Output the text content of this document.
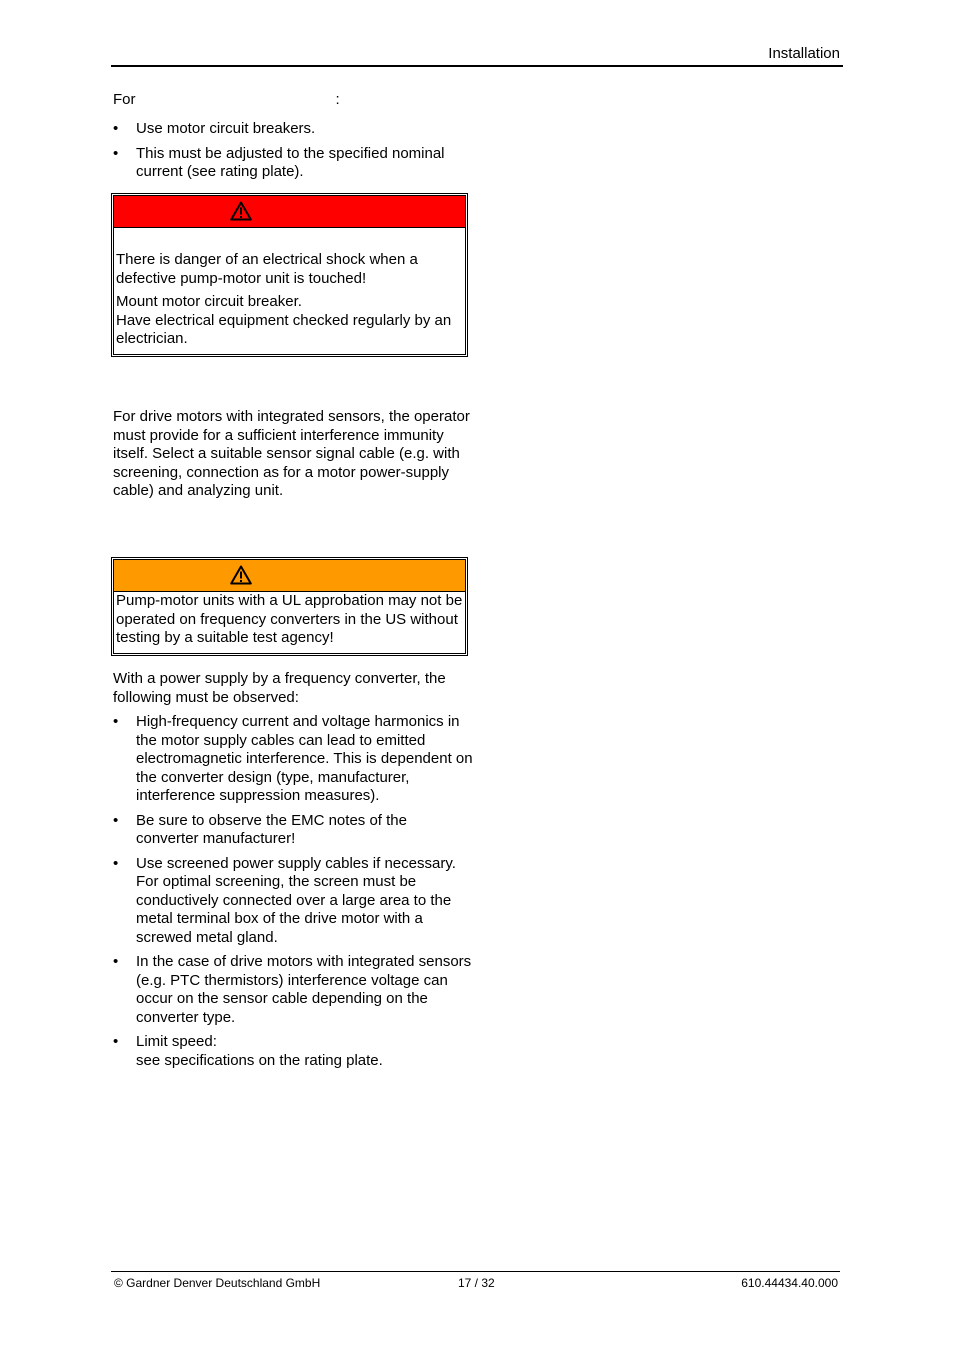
Installation
For	:
• Use motor circuit breakers.
• This must be adjusted to the specified nominal current (see rating plate).

There is danger of an electrical shock when a defective pump-motor unit is touched!

Mount motor circuit breaker.
Have electrical equipment checked regularly by an electrician.

For drive motors with integrated sensors, the operator must provide for a sufficient interference immunity itself. Select a suitable sensor signal cable (e.g. with screening, connection as for a motor power-supply cable) and analyzing unit.

Pump-motor units with a UL approbation may not be operated on frequency converters in the US without testing by a suitable test agency!

With a power supply by a frequency converter, the following must be observed:
• High-frequency current and voltage harmonics in the motor supply cables can lead to emitted electromagnetic interference. This is dependent on the converter design (type, manufacturer, interference suppression measures).
• Be sure to observe the EMC notes of the converter manufacturer!
• Use screened power supply cables if necessary. For optimal screening, the screen must be conductively connected over a large area to the metal terminal box of the drive motor with a screwed metal gland.
• In the case of drive motors with integrated sensors (e.g. PTC thermistors) interference voltage can occur on the sensor cable depending on the converter type.
• Limit speed:
see specifications on the rating plate.
© Gardner Denver Deutschland GmbH	17 / 32	610.44434.40.000
